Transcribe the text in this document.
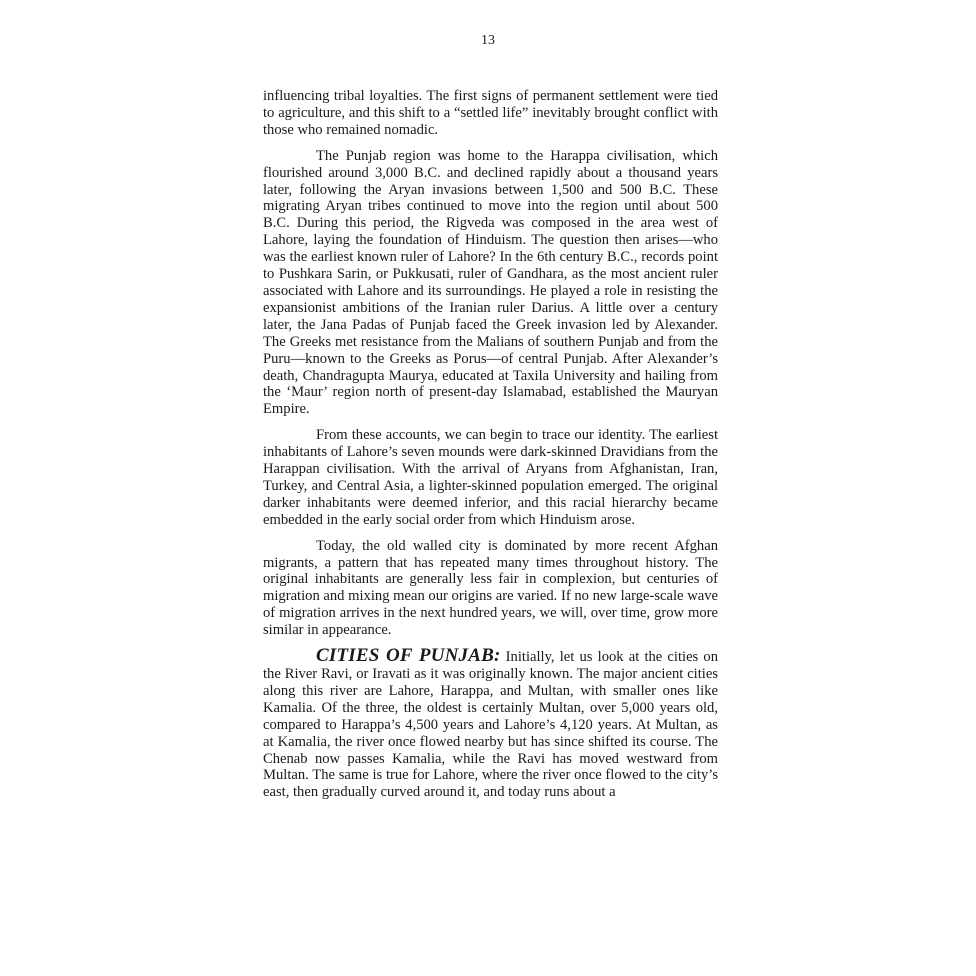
13

influencing tribal loyalties. The first signs of permanent settlement were tied to agriculture, and this shift to a “settled life” inevitably brought conflict with those who remained nomadic.

The Punjab region was home to the Harappa civilisation, which flourished around 3,000 B.C. and declined rapidly about a thousand years later, following the Aryan invasions between 1,500 and 500 B.C. These migrating Aryan tribes continued to move into the region until about 500 B.C. During this period, the Rigveda was composed in the area west of Lahore, laying the foundation of Hinduism. The question then arises—who was the earliest known ruler of Lahore? In the 6th century B.C., records point to Pushkara Sarin, or Pukkusati, ruler of Gandhara, as the most ancient ruler associated with Lahore and its surroundings. He played a role in resisting the expansionist ambitions of the Iranian ruler Darius. A little over a century later, the Jana Padas of Punjab faced the Greek invasion led by Alexander. The Greeks met resistance from the Malians of southern Punjab and from the Puru—known to the Greeks as Porus—of central Punjab. After Alexander’s death, Chandragupta Maurya, educated at Taxila University and hailing from the ‘Maur’ region north of present-day Islamabad, established the Mauryan Empire.

From these accounts, we can begin to trace our identity. The earliest inhabitants of Lahore’s seven mounds were dark-skinned Dravidians from the Harappan civilisation. With the arrival of Aryans from Afghanistan, Iran, Turkey, and Central Asia, a lighter-skinned population emerged. The original darker inhabitants were deemed inferior, and this racial hierarchy became embedded in the early social order from which Hinduism arose.

Today, the old walled city is dominated by more recent Afghan migrants, a pattern that has repeated many times throughout history. The original inhabitants are generally less fair in complexion, but centuries of migration and mixing mean our origins are varied. If no new large-scale wave of migration arrives in the next hundred years, we will, over time, grow more similar in appearance.

CITIES OF PUNJAB: Initially, let us look at the cities on the River Ravi, or Iravati as it was originally known. The major ancient cities along this river are Lahore, Harappa, and Multan, with smaller ones like Kamalia. Of the three, the oldest is certainly Multan, over 5,000 years old, compared to Harappa’s 4,500 years and Lahore’s 4,120 years. At Multan, as at Kamalia, the river once flowed nearby but has since shifted its course. The Chenab now passes Kamalia, while the Ravi has moved westward from Multan. The same is true for Lahore, where the river once flowed to the city’s east, then gradually curved around it, and today runs about a
